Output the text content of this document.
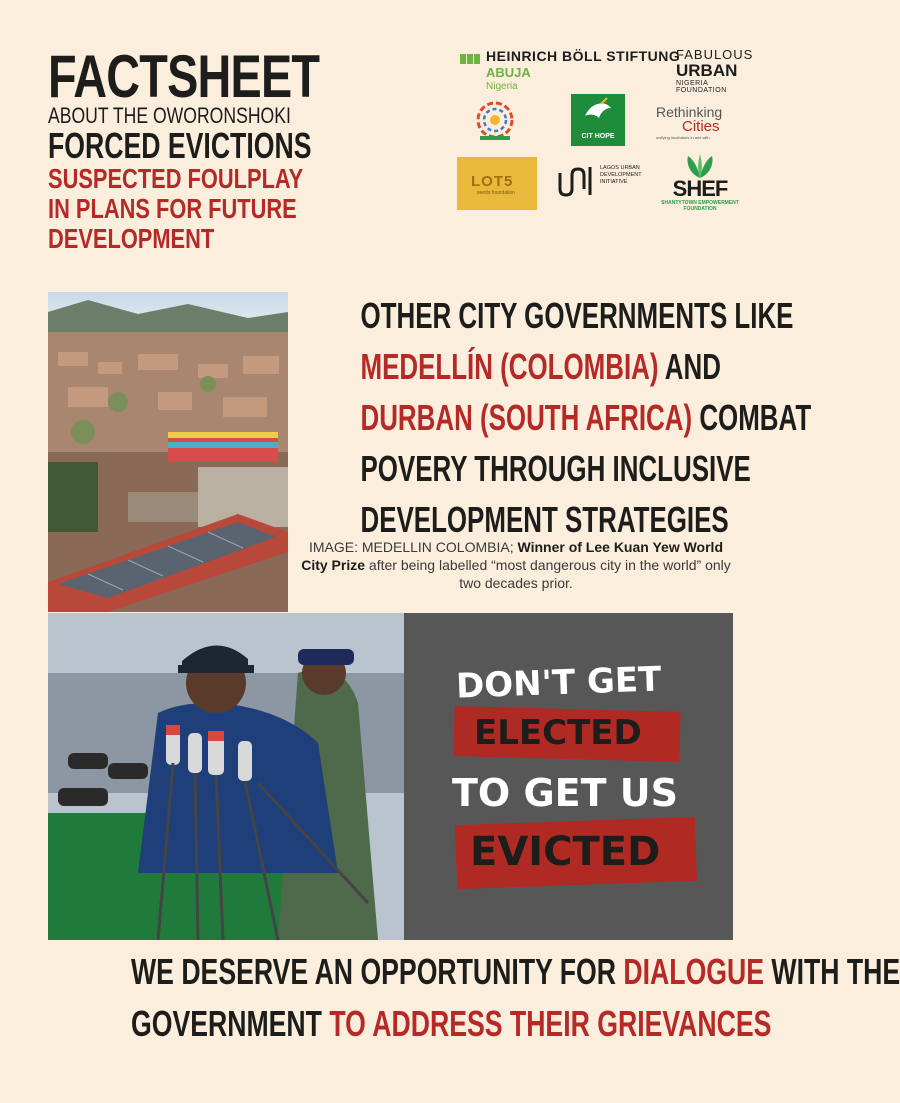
FACTSHEET
ABOUT THE OWORONSHOKI
FORCED EVICTIONS
SUSPECTED FOULPLAY
IN PLANS FOR FUTURE
DEVELOPMENT
HEINRICH BÖLL STIFTUNG
ABUJA
Nigeria
FABULOUS
URBAN
NIGERIA FOUNDATION
CIT HOPE
Rethinking
Cities
unifying incubators in and with
LOT5
seeds foundation
LAGOS URBAN DEVELOPMENT INITIATIVE	SHEF
SHANTYTOWN EMPOWERMENT FOUNDATION
OTHER CITY GOVERNMENTS LIKE
MEDELLÍN (COLOMBIA) AND
DURBAN (SOUTH AFRICA) COMBAT
POVERY THROUGH INCLUSIVE
DEVELOPMENT STRATEGIES
IMAGE: MEDELLIN COLOMBIA; Winner of Lee Kuan Yew World City Prize after being labelled “most dangerous city in the world” only two decades prior.
DON'T GET
ELECTED
TO GET US
EVICTED
WE DESERVE AN OPPORTUNITY FOR DIALOGUE WITH THE
GOVERNMENT TO ADDRESS THEIR GRIEVANCES
